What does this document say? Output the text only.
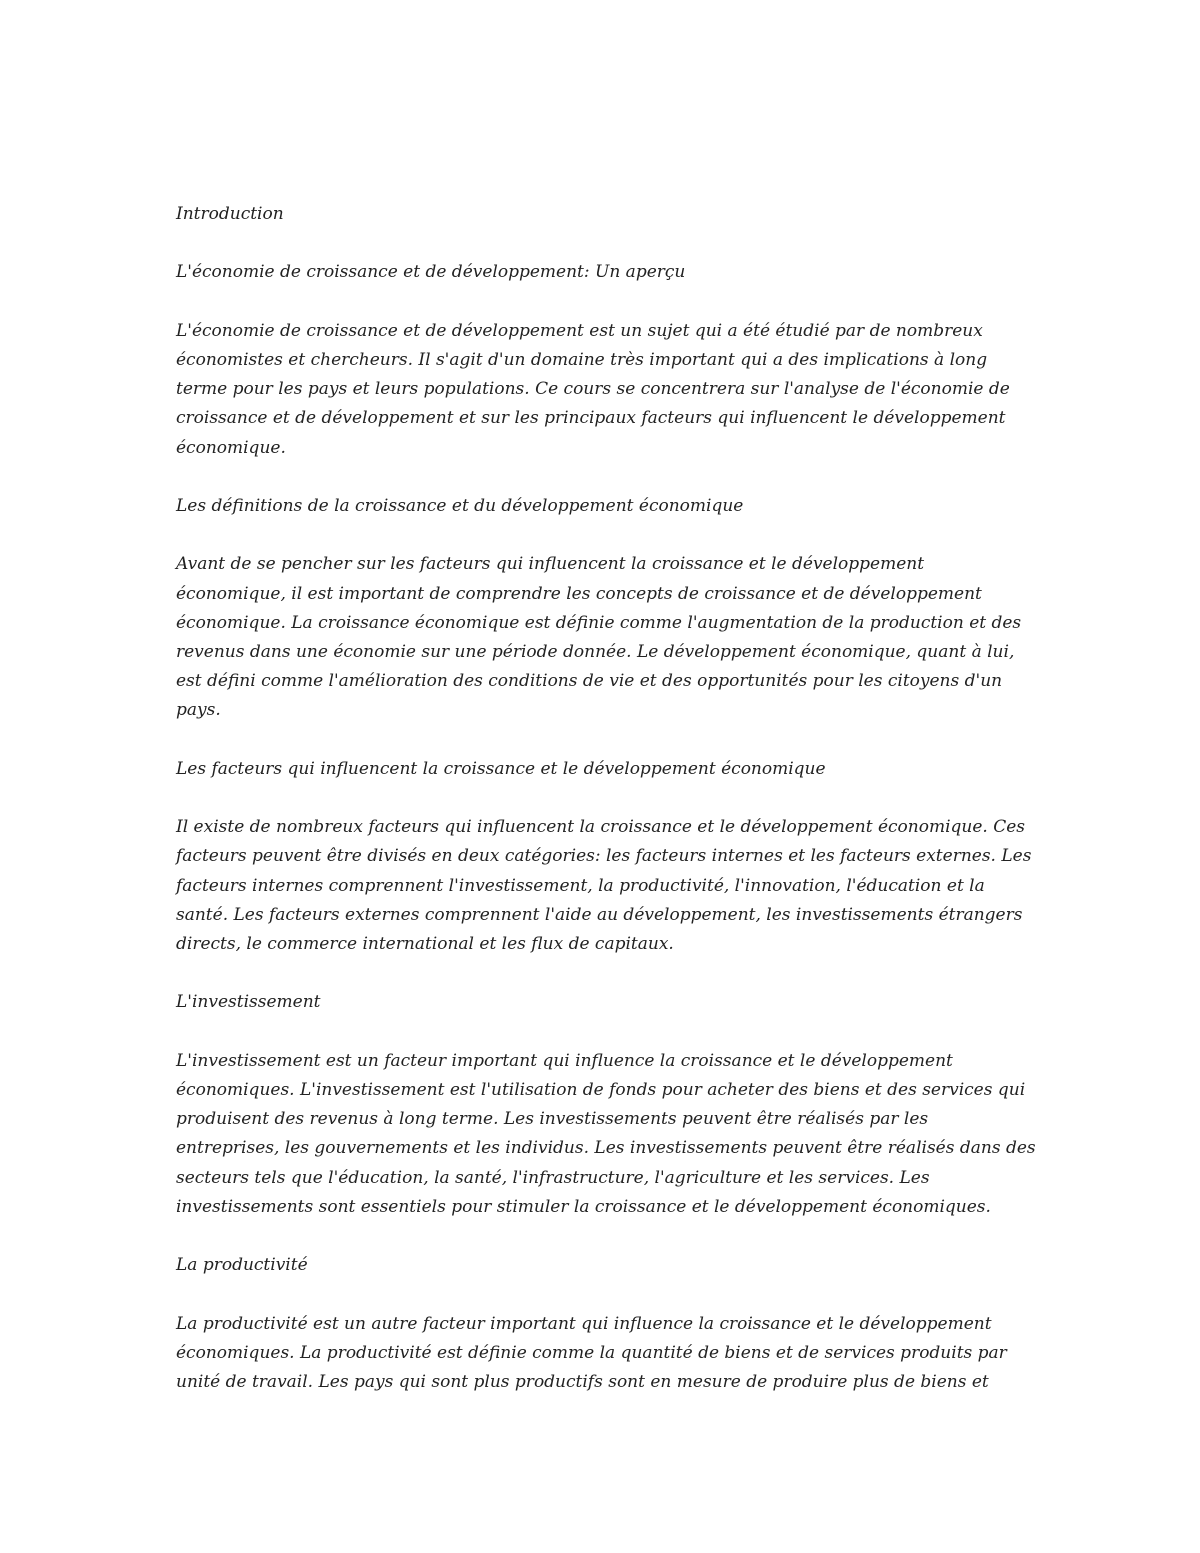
Introduction

L'économie de croissance et de développement: Un aperçu

L'économie de croissance et de développement est un sujet qui a été étudié par de nombreux économistes et chercheurs. Il s'agit d'un domaine très important qui a des implications à long terme pour les pays et leurs populations. Ce cours se concentrera sur l'analyse de l'économie de croissance et de développement et sur les principaux facteurs qui influencent le développement économique.

Les définitions de la croissance et du développement économique

Avant de se pencher sur les facteurs qui influencent la croissance et le développement économique, il est important de comprendre les concepts de croissance et de développement économique. La croissance économique est définie comme l'augmentation de la production et des revenus dans une économie sur une période donnée. Le développement économique, quant à lui, est défini comme l'amélioration des conditions de vie et des opportunités pour les citoyens d'un pays.

Les facteurs qui influencent la croissance et le développement économique

Il existe de nombreux facteurs qui influencent la croissance et le développement économique. Ces facteurs peuvent être divisés en deux catégories: les facteurs internes et les facteurs externes. Les facteurs internes comprennent l'investissement, la productivité, l'innovation, l'éducation et la santé. Les facteurs externes comprennent l'aide au développement, les investissements étrangers directs, le commerce international et les flux de capitaux.

L'investissement

L'investissement est un facteur important qui influence la croissance et le développement économiques. L'investissement est l'utilisation de fonds pour acheter des biens et des services qui produisent des revenus à long terme. Les investissements peuvent être réalisés par les entreprises, les gouvernements et les individus. Les investissements peuvent être réalisés dans des secteurs tels que l'éducation, la santé, l'infrastructure, l'agriculture et les services. Les investissements sont essentiels pour stimuler la croissance et le développement économiques.

La productivité

La productivité est un autre facteur important qui influence la croissance et le développement économiques. La productivité est définie comme la quantité de biens et de services produits par unité de travail. Les pays qui sont plus productifs sont en mesure de produire plus de biens et
